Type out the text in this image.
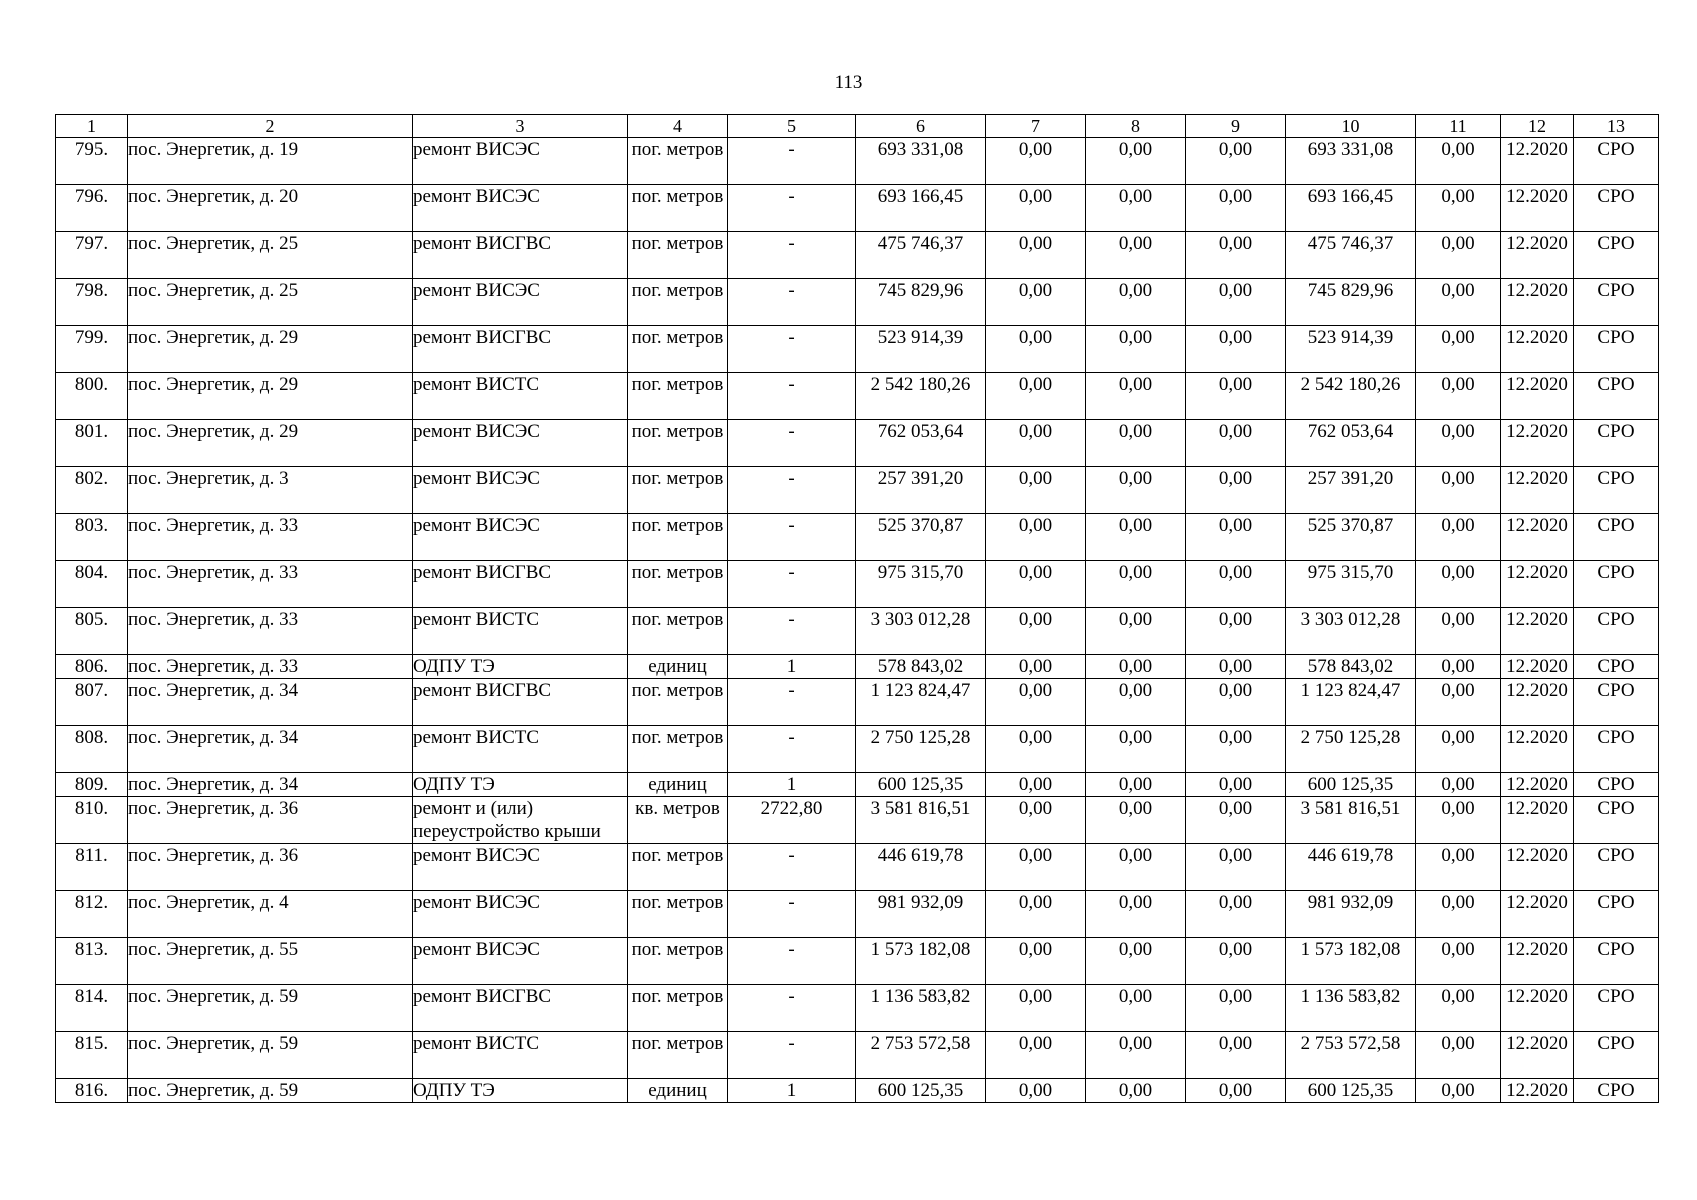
113
1	2	3	4	5	6	7	8	9	10	11	12	13
795.	пос. Энергетик, д. 19	ремонт ВИСЭС	пог. метров	-	693 331,08	0,00	0,00	0,00	693 331,08	0,00	12.2020	СРО
796.	пос. Энергетик, д. 20	ремонт ВИСЭС	пог. метров	-	693 166,45	0,00	0,00	0,00	693 166,45	0,00	12.2020	СРО
797.	пос. Энергетик, д. 25	ремонт ВИСГВС	пог. метров	-	475 746,37	0,00	0,00	0,00	475 746,37	0,00	12.2020	СРО
798.	пос. Энергетик, д. 25	ремонт ВИСЭС	пог. метров	-	745 829,96	0,00	0,00	0,00	745 829,96	0,00	12.2020	СРО
799.	пос. Энергетик, д. 29	ремонт ВИСГВС	пог. метров	-	523 914,39	0,00	0,00	0,00	523 914,39	0,00	12.2020	СРО
800.	пос. Энергетик, д. 29	ремонт ВИСТС	пог. метров	-	2 542 180,26	0,00	0,00	0,00	2 542 180,26	0,00	12.2020	СРО
801.	пос. Энергетик, д. 29	ремонт ВИСЭС	пог. метров	-	762 053,64	0,00	0,00	0,00	762 053,64	0,00	12.2020	СРО
802.	пос. Энергетик, д. 3	ремонт ВИСЭС	пог. метров	-	257 391,20	0,00	0,00	0,00	257 391,20	0,00	12.2020	СРО
803.	пос. Энергетик, д. 33	ремонт ВИСЭС	пог. метров	-	525 370,87	0,00	0,00	0,00	525 370,87	0,00	12.2020	СРО
804.	пос. Энергетик, д. 33	ремонт ВИСГВС	пог. метров	-	975 315,70	0,00	0,00	0,00	975 315,70	0,00	12.2020	СРО
805.	пос. Энергетик, д. 33	ремонт ВИСТС	пог. метров	-	3 303 012,28	0,00	0,00	0,00	3 303 012,28	0,00	12.2020	СРО
806.	пос. Энергетик, д. 33	ОДПУ ТЭ	единиц	1	578 843,02	0,00	0,00	0,00	578 843,02	0,00	12.2020	СРО
807.	пос. Энергетик, д. 34	ремонт ВИСГВС	пог. метров	-	1 123 824,47	0,00	0,00	0,00	1 123 824,47	0,00	12.2020	СРО
808.	пос. Энергетик, д. 34	ремонт ВИСТС	пог. метров	-	2 750 125,28	0,00	0,00	0,00	2 750 125,28	0,00	12.2020	СРО
809.	пос. Энергетик, д. 34	ОДПУ ТЭ	единиц	1	600 125,35	0,00	0,00	0,00	600 125,35	0,00	12.2020	СРО
810.	пос. Энергетик, д. 36	ремонт и (или) переустройство крыши	кв. метров	2722,80	3 581 816,51	0,00	0,00	0,00	3 581 816,51	0,00	12.2020	СРО
811.	пос. Энергетик, д. 36	ремонт ВИСЭС	пог. метров	-	446 619,78	0,00	0,00	0,00	446 619,78	0,00	12.2020	СРО
812.	пос. Энергетик, д. 4	ремонт ВИСЭС	пог. метров	-	981 932,09	0,00	0,00	0,00	981 932,09	0,00	12.2020	СРО
813.	пос. Энергетик, д. 55	ремонт ВИСЭС	пог. метров	-	1 573 182,08	0,00	0,00	0,00	1 573 182,08	0,00	12.2020	СРО
814.	пос. Энергетик, д. 59	ремонт ВИСГВС	пог. метров	-	1 136 583,82	0,00	0,00	0,00	1 136 583,82	0,00	12.2020	СРО
815.	пос. Энергетик, д. 59	ремонт ВИСТС	пог. метров	-	2 753 572,58	0,00	0,00	0,00	2 753 572,58	0,00	12.2020	СРО
816.	пос. Энергетик, д. 59	ОДПУ ТЭ	единиц	1	600 125,35	0,00	0,00	0,00	600 125,35	0,00	12.2020	СРО
